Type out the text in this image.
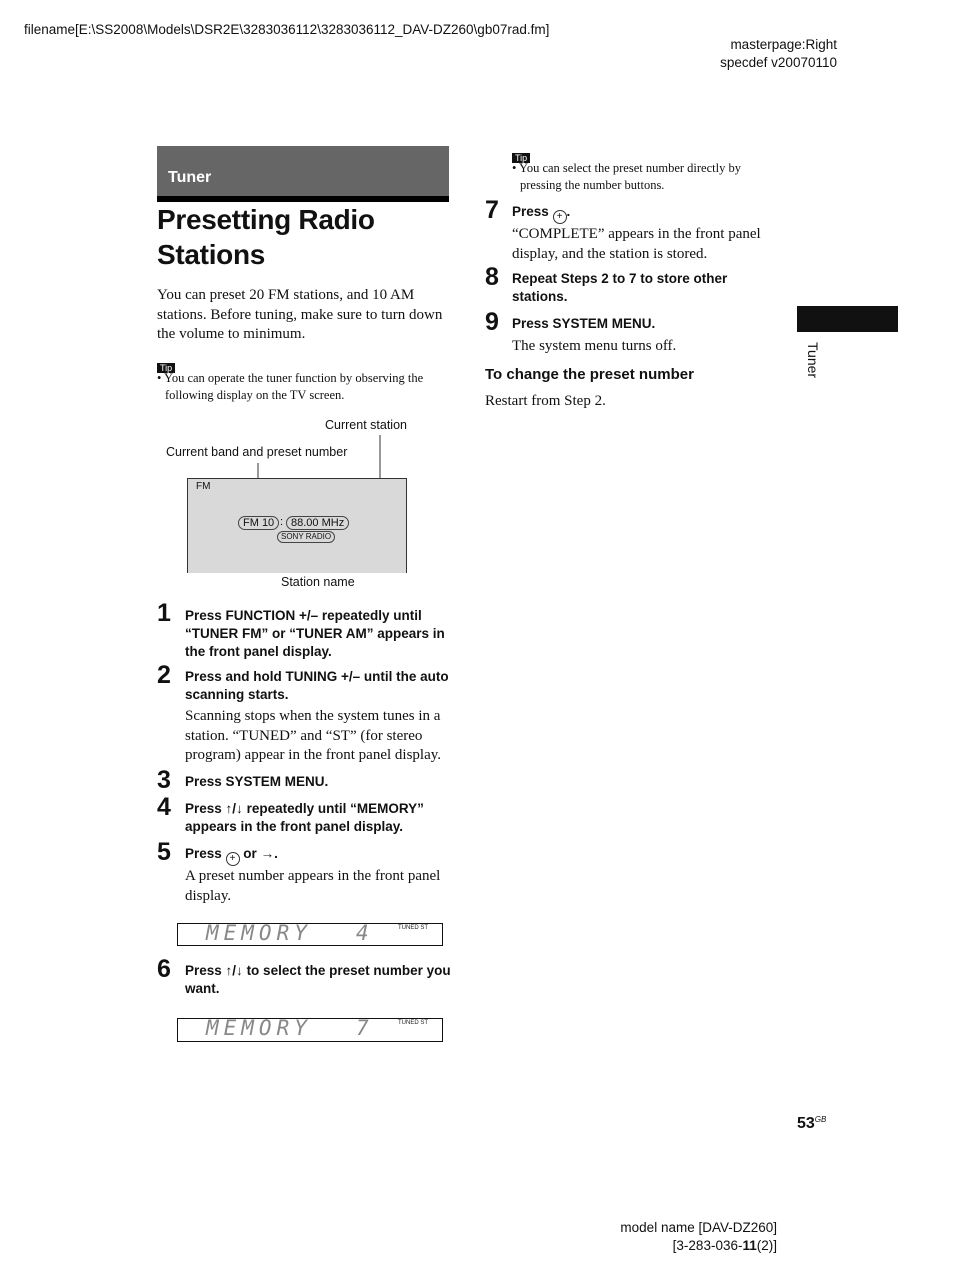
filename[E:\SS2008\Models\DSR2E\3283036112\3283036112_DAV-DZ260\gb07rad.fm]
masterpage:Right
specdef v20070110
Tuner
Presetting Radio
Stations
You can preset 20 FM stations, and 10 AM stations. Before tuning, make sure to turn down the volume to minimum.
Tip
• You can operate the tuner function by observing the following display on the TV screen.
Current station
Current band and preset number
FM
FM 10 : 88.00 MHz
SONY RADIO
Station name
1 Press FUNCTION +/– repeatedly until “TUNER FM” or “TUNER AM” appears in the front panel display.
2 Press and hold TUNING +/– until the auto scanning starts.
Scanning stops when the system tunes in a station. “TUNED” and “ST” (for stereo program) appear in the front panel display.
3 Press SYSTEM MENU.
4 Press ↑/↓ repeatedly until “MEMORY” appears in the front panel display.
5 Press + or →.
A preset number appears in the front panel display.
MEMORY 4	TUNED ST
6 Press ↑/↓ to select the preset number you want.
MEMORY 7	TUNED ST
Tip
• You can select the preset number directly by pressing the number buttons.
7 Press + .
“COMPLETE” appears in the front panel display, and the station is stored.
8 Repeat Steps 2 to 7 to store other stations.
9 Press SYSTEM MENU.
The system menu turns off.
To change the preset number
Restart from Step 2.
Tuner
$53^{GB}$
model name [DAV-DZ260]
[3-283-036-11(2)]
